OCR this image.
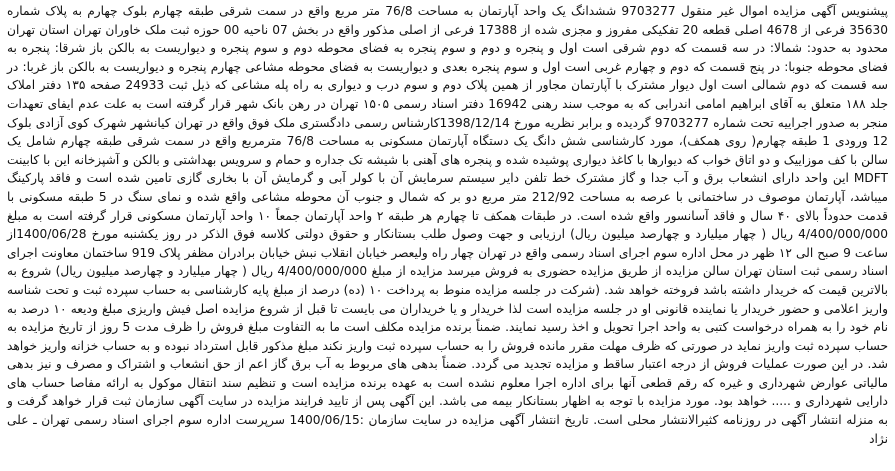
پیشنویس آگهی مزایده اموال غیر منقول 9703277 ششدانگ یک واحد آپارتمان به مساحت 76/8 متر مربع واقع در سمت شرقی طبقه چهارم بلوک چهارم به پلاک شماره 35630 فرعی از 4678 اصلی قطعه 20 تفکیکی مفروز و مجزی شده از 17388 فرعی از اصلی مذکور واقع در بخش 07 ناحیه 00 حوزه ثبت ملک خاوران تهران استان تهران محدود به حدود: شمالا: در سه قسمت که دوم شرقی است اول و پنجره و دوم و سوم پنجره به فضای محوطه دوم و سوم پنجره و دیواریست به بالکن باز شرقا: پنجره به فضای محوطه جنوبا: در پنج قسمت که دوم و چهارم غربی است اول و سوم پنجره بعدی و دیواریست به فضای محوطه مشاعی چهارم پنجره و دیواریست به بالکن باز غربا: در سه قسمت که دوم شمالی است اول دیوار مشترک با آپارتمان مجاور از همین پلاک دوم و سوم درب و دیواری به راه پله مشاعی که ذیل ثبت 24933 صفحه ۱۳۵ دفتر املاک جلد ۱۸۸ متعلق به آقای ابراهیم امامی اندرابی که به موجب سند رهنی 16942 دفتر اسناد رسمی ۱۵۰۵ تهران در رهن بانک شهر قرار گرفته است به علت عدم ایفای تعهدات منجر به صدور اجراییه تحت شماره 9703277 گردیده و برابر نظریه مورخ 1398/12/14کارشناس رسمی دادگستری ملک فوق واقع در تهران کیانشهر شهرک کوی آزادی بلوک 12 ورودی 1 طبقه چهارم( روی همکف)، مورد کارشناسی شش دانگ یک دستگاه آپارتمان مسکونی به مساحت 76/8 مترمربع واقع در سمت شرقی طبقه چهارم شامل یک سالن با کف موزاییک و دو اتاق خواب که دیوارها با کاغذ دیواری پوشیده شده و پنجره های آهنی با شیشه تک جداره و حمام و سرویس بهداشتی و بالکن و آشپزخانه این با کابینت MDFT این واحد دارای انشعاب برق و آب جدا و گاز مشترک خط تلفن دایر سیستم سرمایش آن با کولر آبی و گرمایش آن با بخاری گازی تامین شده است و فاقد پارکینگ میباشد، آپارتمان موصوف در ساختمانی با عرصه به مساحت 212/92 متر مربع دو بر که شمال و جنوب آن محوطه مشاعی واقع شده و نمای سنگ در 5 طبقه مسکونی با قدمت حدوداً بالای ۴۰ سال و فاقد آسانسور واقع شده است. در طبقات همکف تا چهارم هر طبقه ۲ واحد آپارتمان جمعاً ۱۰ واحد آپارتمان مسکونی قرار گرفته است به مبلغ 4/400/000/000 ریال ( چهار میلیارد و چهارصد میلیون ریال) ارزیابی و جهت وصول طلب بستانکار و حقوق دولتی کلاسه فوق الذکر در روز یکشنبه مورخ 1400/06/28از ساعت 9 صبح الی ۱۲ ظهر در محل اداره سوم اجرای اسناد رسمی واقع در تهران چهار راه ولیعصر خیابان انقلاب نبش خیابان برادران مظفر پلاک 919 ساختمان معاونت اجرای اسناد رسمی ثبت استان تهران سالن مزایده از طریق مزایده حضوری به فروش میرسد مزایده از مبلغ 4/400/000/000 ریال ( چهار میلیارد و چهارصد میلیون ریال) شروع به بالاترین قیمت که خریدار داشته باشد فروخته خواهد شد. (شرکت در جلسه مزایده منوط به پرداخت ۱۰ (ده) درصد از مبلغ پایه کارشناسی به حساب سپرده ثبت و تحت شناسه واریز اعلامی و حضور خریدار یا نماینده قانونی او در جلسه مزایده است لذا خریدار و یا خریداران می بایست تا قبل از شروع مزایده اصل فیش واریزی مبلغ ودیعه ۱۰ درصد به نام خود را به همراه درخواست کتبی به واحد اجرا تحویل و اخذ رسید نمایند. ضمناً برنده مزایده مکلف است ما به التفاوت مبلغ فروش را ظرف مدت 5 روز از تاریخ مزایده به حساب سپرده ثبت واریز نماید در صورتی که ظرف مهلت مقرر مانده فروش را به حساب سپرده ثبت واریز نکند مبلغ مذکور قابل استرداد نبوده و به حساب خزانه واریز خواهد شد. در این صورت عملیات فروش از درجه اعتبار ساقط و مزایده تجدید می گردد. ضمناً بدهی های مربوط به آب برق گاز اعم از حق انشعاب و اشتراک و مصرف و نیز بدهی مالیاتی عوارض شهرداری و غیره که رقم قطعی آنها برای اداره اجرا معلوم نشده است به عهده برنده مزایده است و تنظیم سند انتقال موکول به ارائه مفاصا حساب های دارایی شهرداری و ..... خواهد بود. مورد مزایده با توجه به اظهار بستانکار بیمه می باشد. این آگهی پس از تایید فرایند مزایده در سایت آگهی سازمان ثبت قرار خواهد گرفت و به منزله انتشار آگهی در روزنامه کثیرالانتشار محلی است. تاریخ انتشار آگهی مزایده در سایت سازمان :1400/06/15 سرپرست اداره سوم اجرای اسناد رسمی تهران ـ علی نژاد
